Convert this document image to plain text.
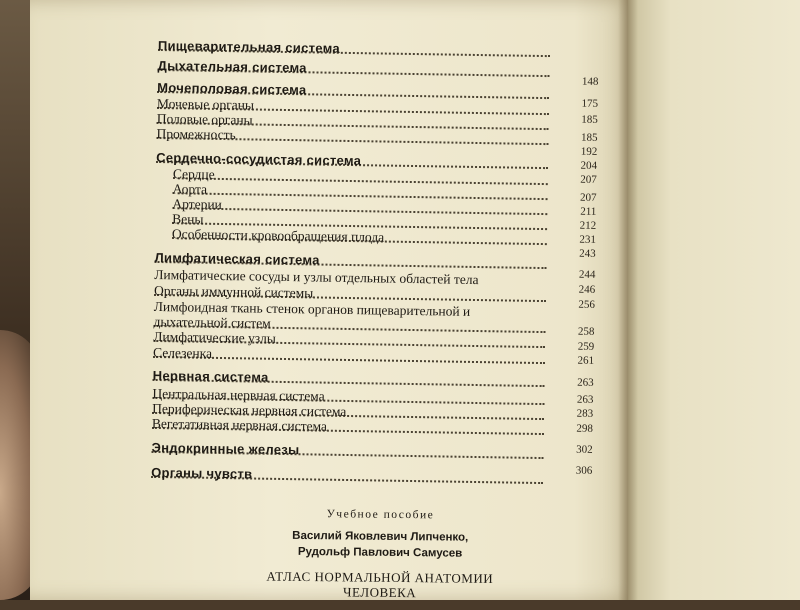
Пищеварительная система
Дыхательная система
Мочеполовая система
Мочевые органы
Половые органы
Промежность
Сердечно-сосудистая система
Сердце
Аорта
Артерии
Вены
Особенности кровообращения плода
Лимфатическая система
Лимфатические сосуды и узлы отдельных областей тела
Органы иммунной системы
Лимфоидная ткань стенок органов пищеварительной и
дыхательной систем
Лимфатические узлы
Селезенка
Нервная система
Центральная нервная система
Периферическая нервная система
Вегетативная нервная система
Эндокринные железы
Органы чувств
148
175
185
185
192
204
207
207
211
212
231
243
244
246
256
258
259
261
263
263
283
298
302
306
Учебное пособие
Василий Яковлевич Липченко,
Рудольф Павлович Самусев
АТЛАС НОРМАЛЬНОЙ АНАТОМИИ
ЧЕЛОВЕКА
